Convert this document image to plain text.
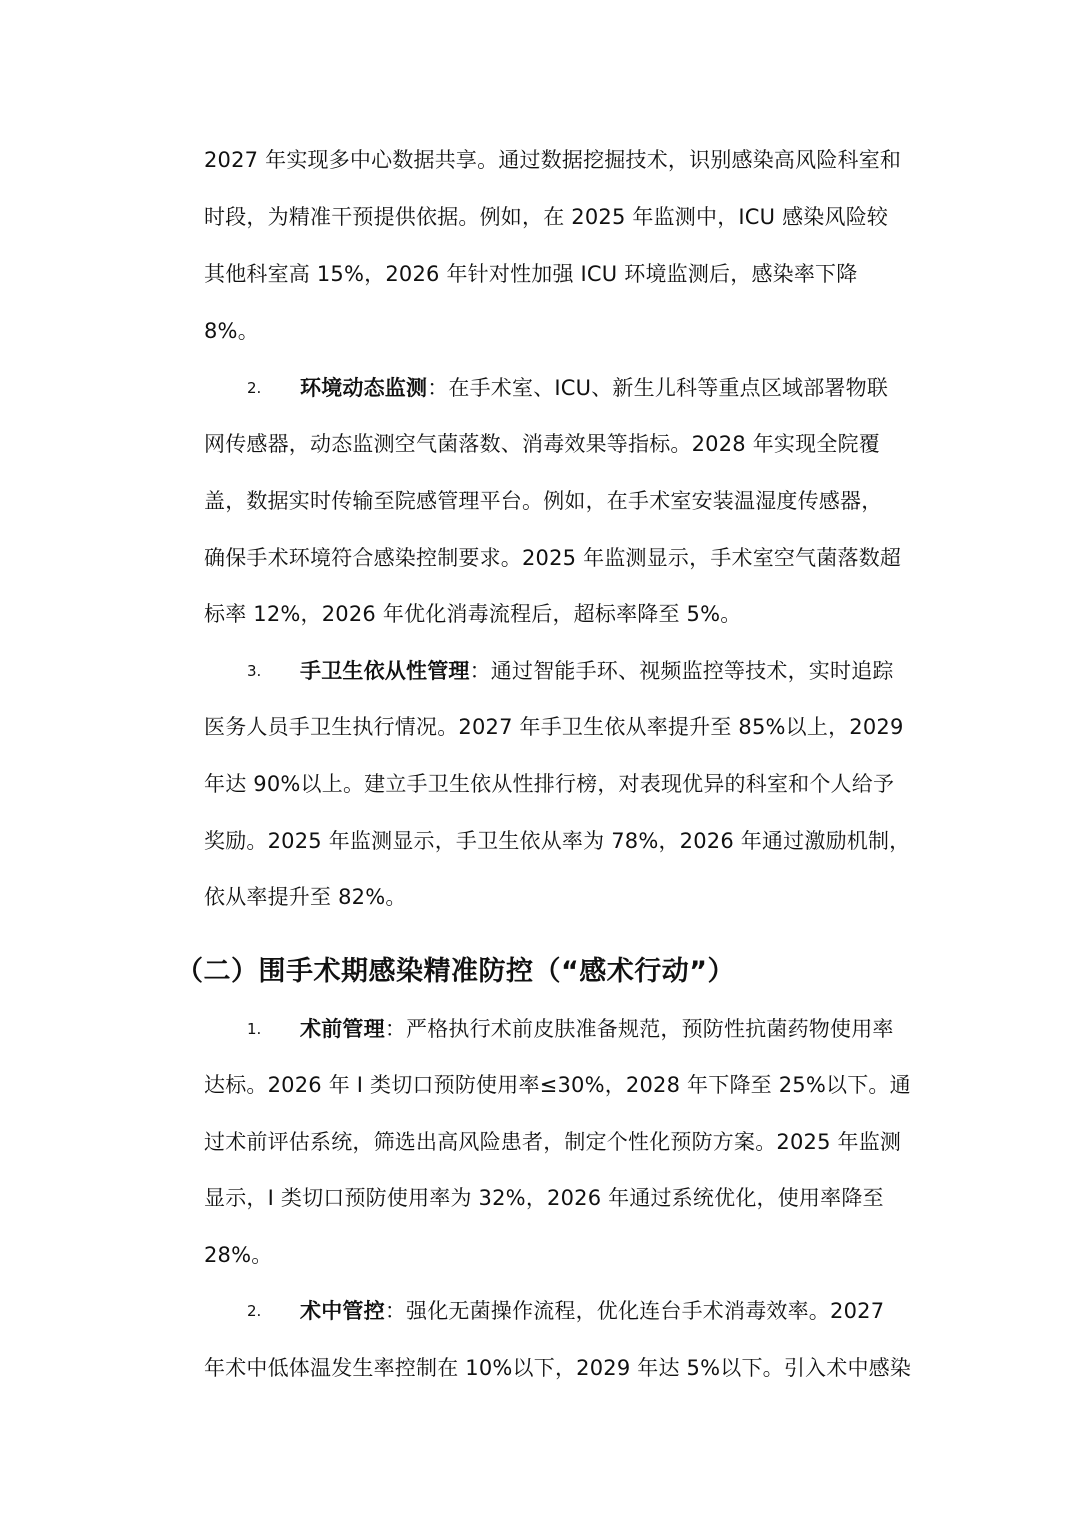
2027 年实现多中心数据共享。通过数据挖掘技术，识别感染高风险科室和
时段，为精准干预提供依据。例如，在 2025 年监测中，ICU 感染风险较
其他科室高 15%，2026 年针对性加强 ICU 环境监测后，感染率下降
8%。
2. 环境动态监测：在手术室、ICU、新生儿科等重点区域部署物联
网传感器，动态监测空气菌落数、消毒效果等指标。2028 年实现全院覆
盖，数据实时传输至院感管理平台。例如，在手术室安装温湿度传感器，
确保手术环境符合感染控制要求。2025 年监测显示，手术室空气菌落数超
标率 12%，2026 年优化消毒流程后，超标率降至 5%。
3. 手卫生依从性管理：通过智能手环、视频监控等技术，实时追踪
医务人员手卫生执行情况。2027 年手卫生依从率提升至 85%以上，2029
年达 90%以上。建立手卫生依从性排行榜，对表现优异的科室和个人给予
奖励。2025 年监测显示，手卫生依从率为 78%，2026 年通过激励机制，
依从率提升至 82%。
（二）围手术期感染精准防控（“感术行动”）
1. 术前管理：严格执行术前皮肤准备规范，预防性抗菌药物使用率
达标。2026 年 I 类切口预防使用率≤30%，2028 年下降至 25%以下。通
过术前评估系统，筛选出高风险患者，制定个性化预防方案。2025 年监测
显示，I 类切口预防使用率为 32%，2026 年通过系统优化，使用率降至
28%。
2. 术中管控：强化无菌操作流程，优化连台手术消毒效率。2027
年术中低体温发生率控制在 10%以下，2029 年达 5%以下。引入术中感染
